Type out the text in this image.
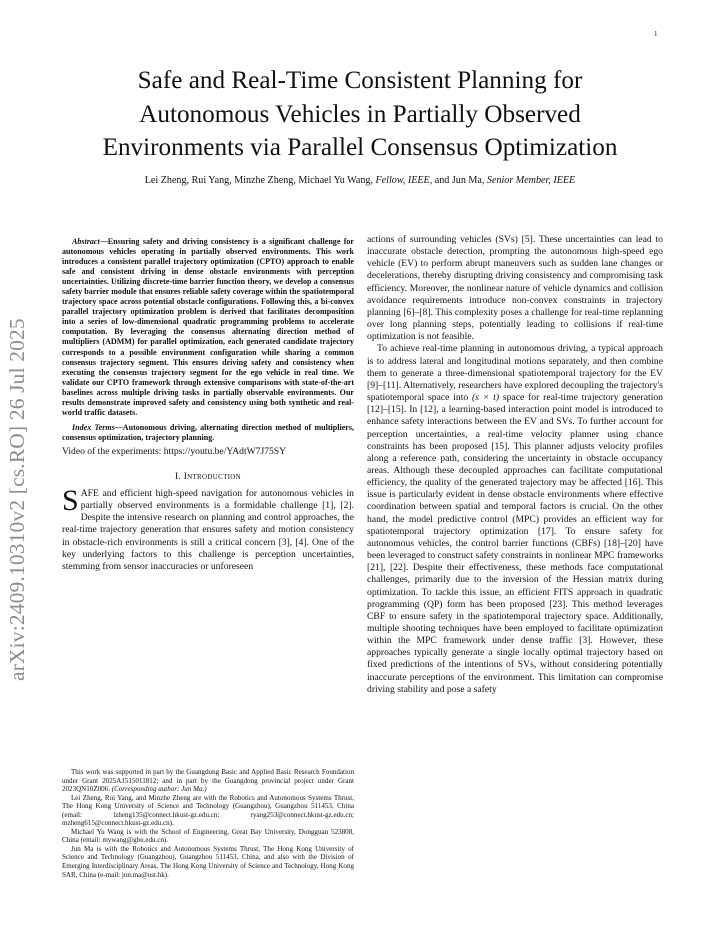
1
arXiv:2409.10310v2 [cs.RO] 26 Jul 2025
Safe and Real-Time Consistent Planning for
Autonomous Vehicles in Partially Observed
Environments via Parallel Consensus Optimization
Lei Zheng, Rui Yang, Minzhe Zheng, Michael Yu Wang, Fellow, IEEE, and Jun Ma, Senior Member, IEEE

Abstract—Ensuring safety and driving consistency is a significant challenge for autonomous vehicles operating in partially observed environments. This work introduces a consistent parallel trajectory optimization (CPTO) approach to enable safe and consistent driving in dense obstacle environments with perception uncertainties. Utilizing discrete-time barrier function theory, we develop a consensus safety barrier module that ensures reliable safety coverage within the spatiotemporal trajectory space across potential obstacle configurations. Following this, a bi-convex parallel trajectory optimization problem is derived that facilitates decomposition into a series of low-dimensional quadratic programming problems to accelerate computation. By leveraging the consensus alternating direction method of multipliers (ADMM) for parallel optimization, each generated candidate trajectory corresponds to a possible environment configuration while sharing a common consensus trajectory segment. This ensures driving safety and consistency when executing the consensus trajectory segment for the ego vehicle in real time. We validate our CPTO framework through extensive comparisons with state-of-the-art baselines across multiple driving tasks in partially observable environments. Our results demonstrate improved safety and consistency using both synthetic and real-world traffic datasets.

Index Terms—Autonomous driving, alternating direction method of multipliers, consensus optimization, trajectory planning.

Video of the experiments: https://youtu.be/YAdtW7J75SY

I. Introduction

SAFE and efficient high-speed navigation for autonomous vehicles in partially observed environments is a formidable challenge [1], [2]. Despite the intensive research on planning and control approaches, the real-time trajectory generation that ensures safety and motion consistency in obstacle-rich environments is still a critical concern [3], [4]. One of the key underlying factors to this challenge is perception uncertainties, stemming from sensor inaccuracies or unforeseen

This work was supported in part by the Guangdong Basic and Applied Basic Research Foundation under Grant 2025A1515011812; and in part by the Guangdong provincial project under Grant 2023QN10Z006. (Corresponding author: Jun Ma.)

Lei Zheng, Rui Yang, and Minzhe Zheng are with the Robotics and Autonomous Systems Thrust, The Hong Kong University of Science and Technology (Guangzhou), Guangzhou 511453, China (email: lzheng135@connect.hkust-gz.edu.cn; ryang253@connect.hkust-gz.edu.cn; mzheng615@connect.hkust-gz.edu.cn).

Michael Yu Wang is with the School of Engineering, Great Bay University, Dongguan 523808, China (email: mywang@gbu.edu.cn).

Jun Ma is with the Robotics and Autonomous Systems Thrust, The Hong Kong University of Science and Technology (Guangzhou), Guangzhou 511453, China, and also with the Division of Emerging Interdisciplinary Areas, The Hong Kong University of Science and Technology, Hong Kong SAR, China (e-mail: jun.ma@ust.hk).

actions of surrounding vehicles (SVs) [5]. These uncertainties can lead to inaccurate obstacle detection, prompting the autonomous high-speed ego vehicle (EV) to perform abrupt maneuvers such as sudden lane changes or decelerations, thereby disrupting driving consistency and compromising task efficiency. Moreover, the nonlinear nature of vehicle dynamics and collision avoidance requirements introduce non-convex constraints in trajectory planning [6]–[8]. This complexity poses a challenge for real-time replanning over long planning steps, potentially leading to collisions if real-time optimization is not feasible.

To achieve real-time planning in autonomous driving, a typical approach is to address lateral and longitudinal motions separately, and then combine them to generate a three-dimensional spatiotemporal trajectory for the EV [9]–[11]. Alternatively, researchers have explored decoupling the trajectory's spatiotemporal space into (s × t) space for real-time trajectory generation [12]–[15]. In [12], a learning-based interaction point model is introduced to enhance safety interactions between the EV and SVs. To further account for perception uncertainties, a real-time velocity planner using chance constraints has been proposed [15]. This planner adjusts velocity profiles along a reference path, considering the uncertainty in obstacle occupancy areas. Although these decoupled approaches can facilitate computational efficiency, the quality of the generated trajectory may be affected [16]. This issue is particularly evident in dense obstacle environments where effective coordination between spatial and temporal factors is crucial. On the other hand, the model predictive control (MPC) provides an efficient way for spatiotemporal trajectory optimization [17]. To ensure safety for autonomous vehicles, the control barrier functions (CBFs) [18]–[20] have been leveraged to construct safety constraints in nonlinear MPC frameworks [21], [22]. Despite their effectiveness, these methods face computational challenges, primarily due to the inversion of the Hessian matrix during optimization. To tackle this issue, an efficient FITS approach in quadratic programming (QP) form has been proposed [23]. This method leverages CBF to ensure safety in the spatiotemporal trajectory space. Additionally, multiple shooting techniques have been employed to facilitate optimization within the MPC framework under dense traffic [3]. However, these approaches typically generate a single locally optimal trajectory based on fixed predictions of the intentions of SVs, without considering potentially inaccurate perceptions of the environment. This limitation can compromise driving stability and pose a safety
